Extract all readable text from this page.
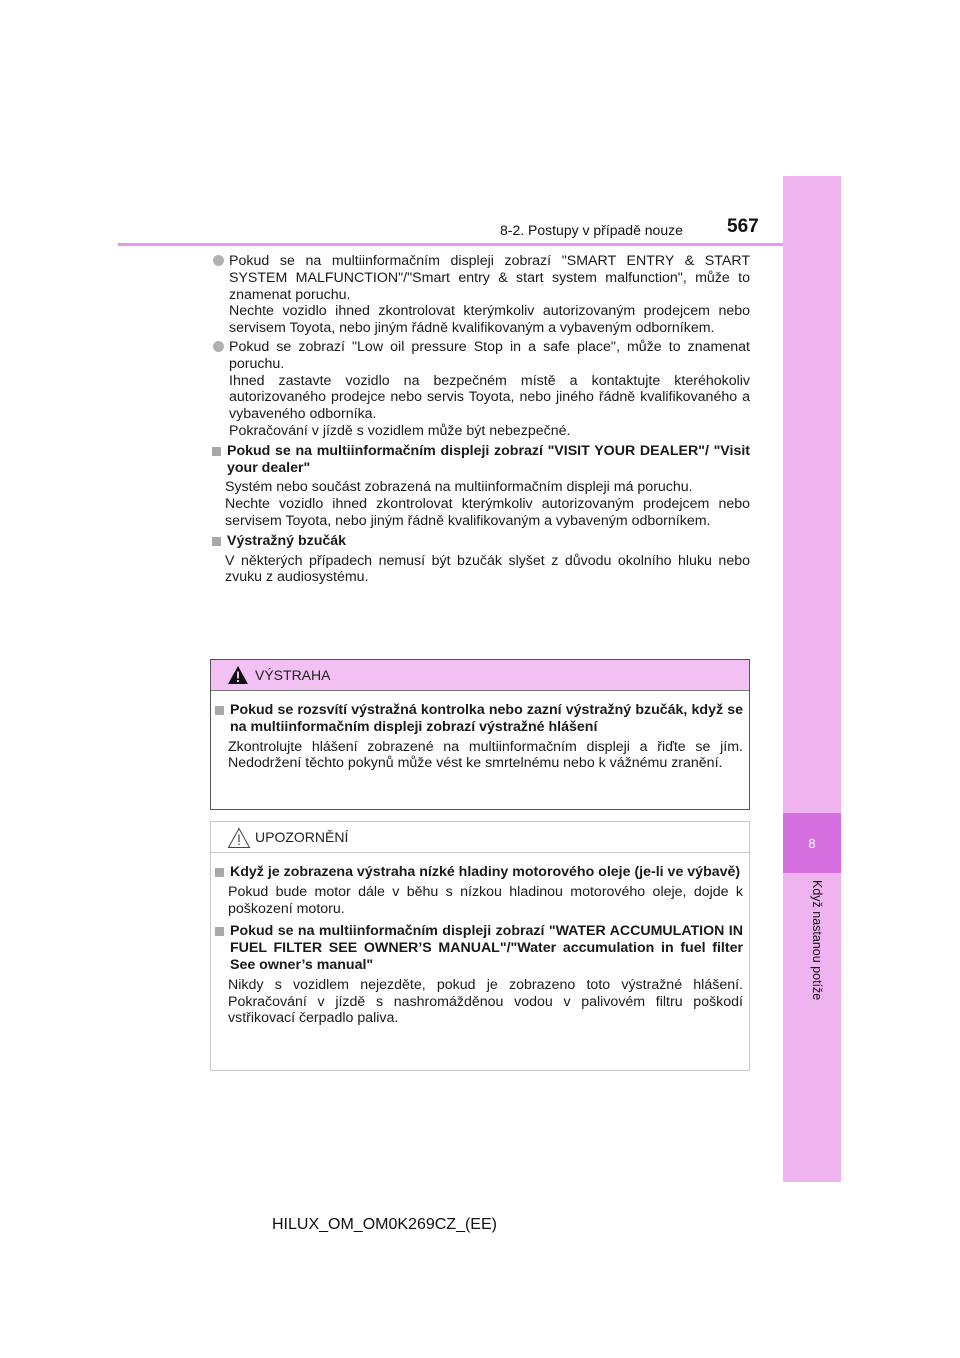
8
Když nastanou potíže
8-2. Postupy v případě nouze 567

Pokud se na multiinformačním displeji zobrazí "SMART ENTRY & START SYSTEM MALFUNCTION"/"Smart entry & start system malfunction", může to znamenat poruchu.

Nechte vozidlo ihned zkontrolovat kterýmkoliv autorizovaným prodejcem nebo servisem Toyota, nebo jiným řádně kvalifikovaným a vybaveným odborníkem.

Pokud se zobrazí "Low oil pressure Stop in a safe place", může to znamenat poruchu.

Ihned zastavte vozidlo na bezpečném místě a kontaktujte kteréhokoliv autorizovaného prodejce nebo servis Toyota, nebo jiného řádně kvalifikovaného a vybaveného odborníka.

Pokračování v jízdě s vozidlem může být nebezpečné.

Pokud se na multiinformačním displeji zobrazí "VISIT YOUR DEALER"/ "Visit your dealer"

Systém nebo součást zobrazená na multiinformačním displeji má poruchu.

Nechte vozidlo ihned zkontrolovat kterýmkoliv autorizovaným prodejcem nebo servisem Toyota, nebo jiným řádně kvalifikovaným a vybaveným odborníkem.

Výstražný bzučák

V některých případech nemusí být bzučák slyšet z důvodu okolního hluku nebo zvuku z audiosystému.

VÝSTRAHA
Pokud se rozsvítí výstražná kontrolka nebo zazní výstražný bzučák, když se na multiinformačním displeji zobrazí výstražné hlášení

Zkontrolujte hlášení zobrazené na multiinformačním displeji a řiďte se jím. Nedodržení těchto pokynů může vést ke smrtelnému nebo k vážnému zranění.

UPOZORNĚNÍ
Když je zobrazena výstraha nízké hladiny motorového oleje (je-li ve výbavě)

Pokud bude motor dále v běhu s nízkou hladinou motorového oleje, dojde k poškození motoru.

Pokud se na multiinformačním displeji zobrazí "WATER ACCUMULATION IN FUEL FILTER SEE OWNER’S MANUAL"/"Water accumulation in fuel filter See owner’s manual"

Nikdy s vozidlem nejezděte, pokud je zobrazeno toto výstražné hlášení. Pokračování v jízdě s nashromážděnou vodou v palivovém filtru poškodí vstřikovací čerpadlo paliva.

HILUX_OM_OM0K269CZ_(EE)
